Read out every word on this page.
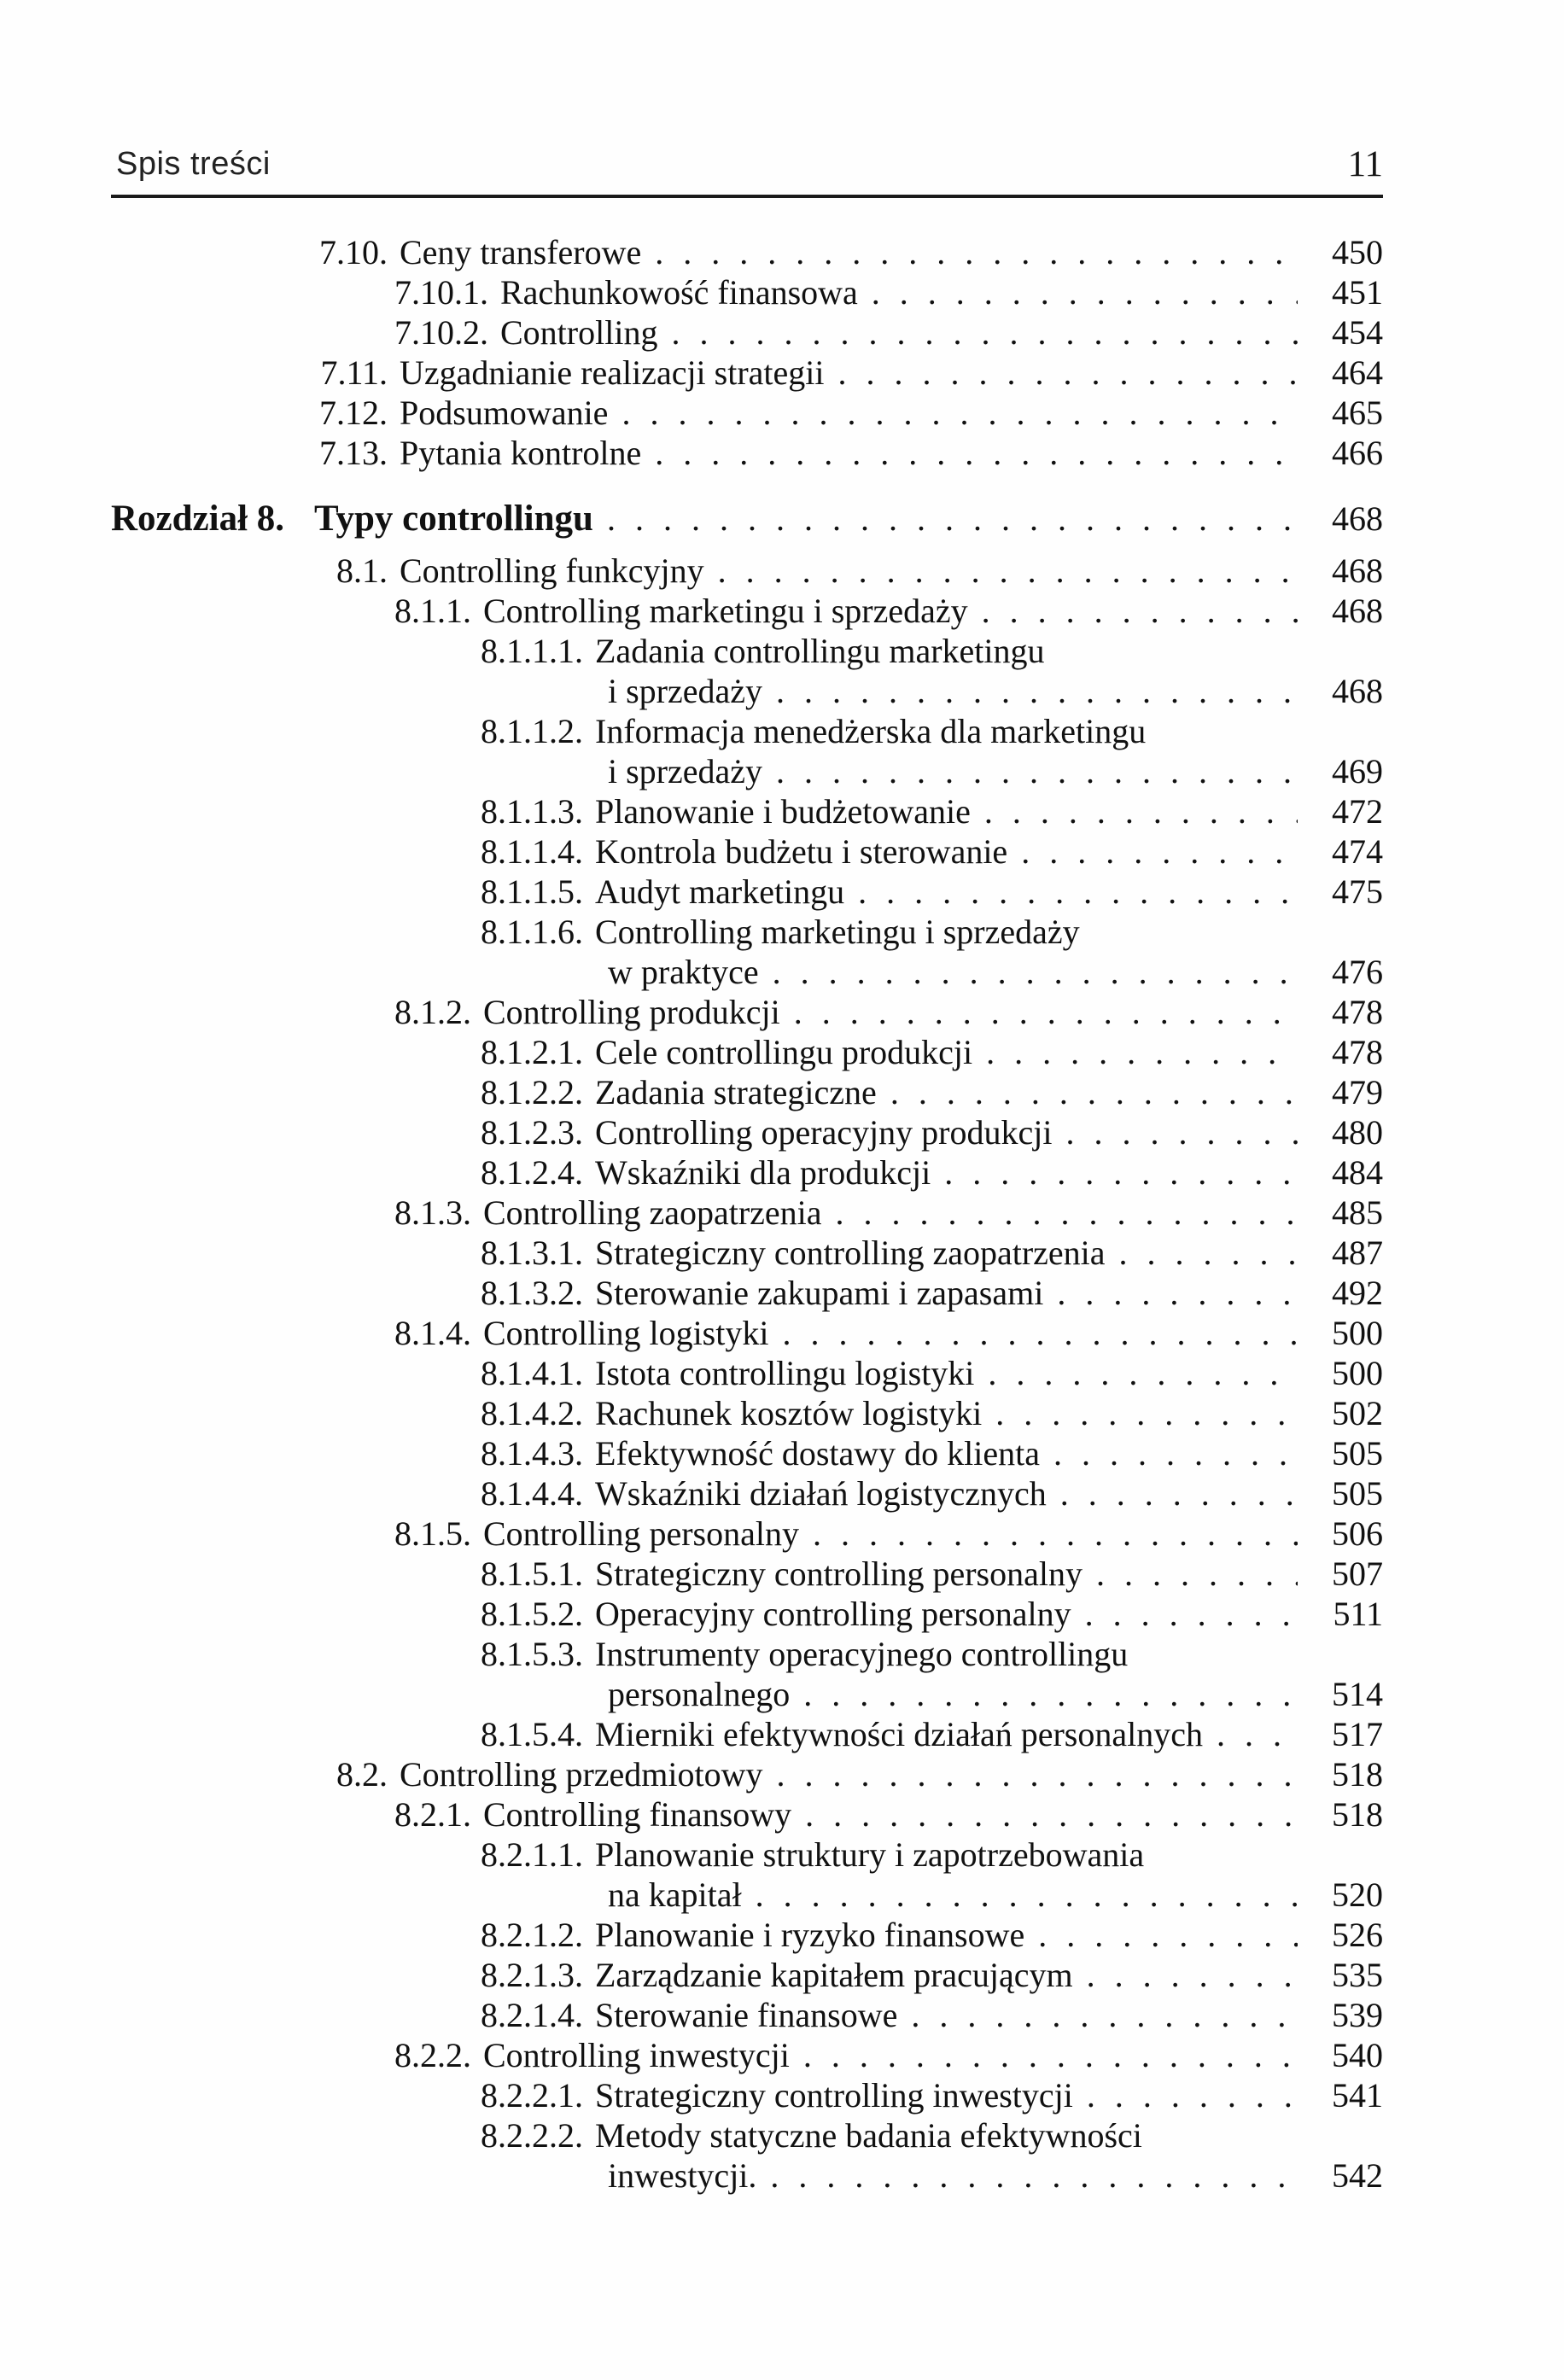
Spis treści	11
7.10. Ceny transferowe . . .	450
7.10.1. Rachunkowość finansowa . . .	451
7.10.2. Controlling . . .	454
7.11. Uzgadnianie realizacji strategii . . .	464
7.12. Podsumowanie . . .	465
7.13. Pytania kontrolne . . .	466
Rozdział 8. Typy controllingu . . .	468
8.1. Controlling funkcyjny . . .	468
8.1.1. Controlling marketingu i sprzedaży . . .	468
8.1.1.1. Zadania controllingu marketingu
i sprzedaży . . .	468
8.1.1.2. Informacja menedżerska dla marketingu
i sprzedaży . . .	469
8.1.1.3. Planowanie i budżetowanie . . .	472
8.1.1.4. Kontrola budżetu i sterowanie . . .	474
8.1.1.5. Audyt marketingu . . .	475
8.1.1.6. Controlling marketingu i sprzedaży
w praktyce . . .	476
8.1.2. Controlling produkcji . . .	478
8.1.2.1. Cele controllingu produkcji . . .	478
8.1.2.2. Zadania strategiczne . . .	479
8.1.2.3. Controlling operacyjny produkcji . . .	480
8.1.2.4. Wskaźniki dla produkcji . . .	484
8.1.3. Controlling zaopatrzenia . . .	485
8.1.3.1. Strategiczny controlling zaopatrzenia . . .	487
8.1.3.2. Sterowanie zakupami i zapasami . . .	492
8.1.4. Controlling logistyki . . .	500
8.1.4.1. Istota controllingu logistyki . . .	500
8.1.4.2. Rachunek kosztów logistyki . . .	502
8.1.4.3. Efektywność dostawy do klienta . . .	505
8.1.4.4. Wskaźniki działań logistycznych . . .	505
8.1.5. Controlling personalny . . .	506
8.1.5.1. Strategiczny controlling personalny . . .	507
8.1.5.2. Operacyjny controlling personalny . . .	511
8.1.5.3. Instrumenty operacyjnego controllingu
personalnego . . .	514
8.1.5.4. Mierniki efektywności działań personalnych . . .	517
8.2. Controlling przedmiotowy . . .	518
8.2.1. Controlling finansowy . . .	518
8.2.1.1. Planowanie struktury i zapotrzebowania
na kapitał . . .	520
8.2.1.2. Planowanie i ryzyko finansowe . . .	526
8.2.1.3. Zarządzanie kapitałem pracującym . . .	535
8.2.1.4. Sterowanie finansowe . . .	539
8.2.2. Controlling inwestycji . . .	540
8.2.2.1. Strategiczny controlling inwestycji . . .	541
8.2.2.2. Metody statyczne badania efektywności
inwestycji. . . .	542
